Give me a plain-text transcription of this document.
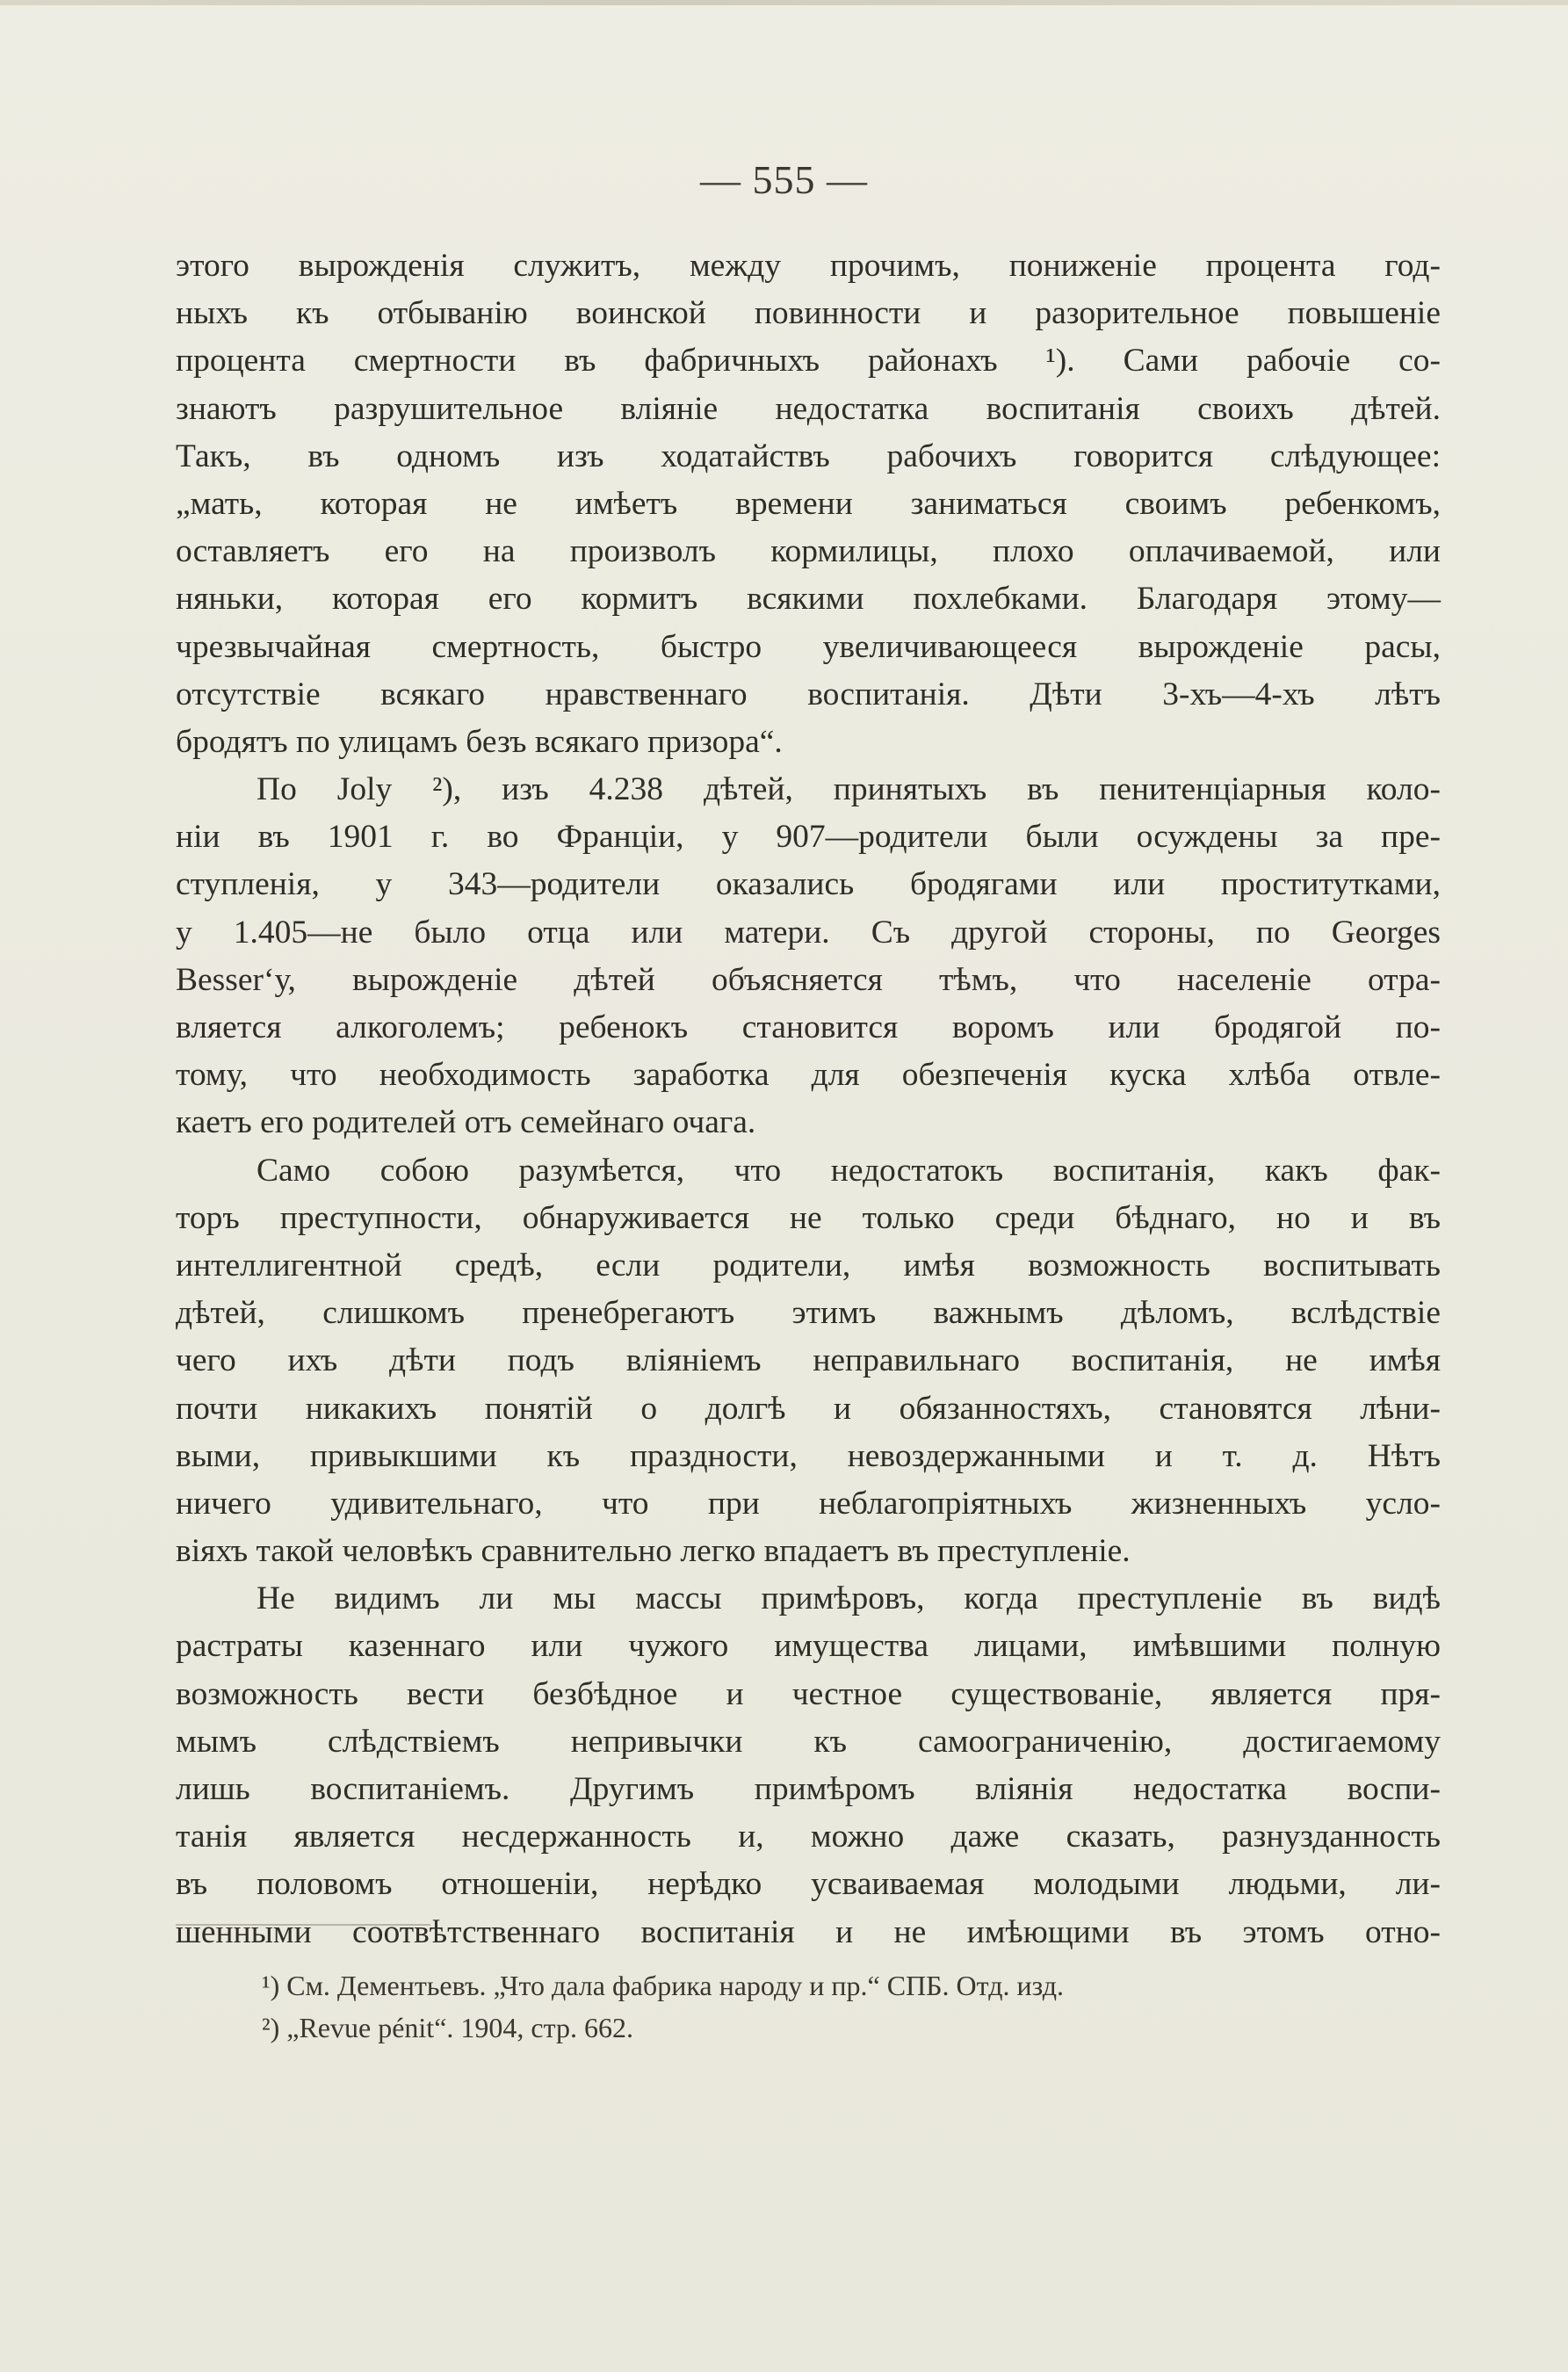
— 555 —
этого вырожденія служитъ, между прочимъ, пониженіе процента год-
ныхъ къ отбыванію воинской повинности и разорительное повышеніе
процента смертности въ фабричныхъ районахъ ¹). Сами рабочіе со-
знаютъ разрушительное вліяніе недостатка воспитанія своихъ дѣтей.
Такъ, въ одномъ изъ ходатайствъ рабочихъ говорится слѣдующее:
„мать, которая не имѣетъ времени заниматься своимъ ребенкомъ,
оставляетъ его на произволъ кормилицы, плохо оплачиваемой, или
няньки, которая его кормитъ всякими похлебками. Благодаря этому—
чрезвычайная смертность, быстро увеличивающееся вырожденіе расы,
отсутствіе всякаго нравственнаго воспитанія. Дѣти 3-хъ—4-хъ лѣтъ
бродятъ по улицамъ безъ всякаго призора“.
По Joly ²), изъ 4.238 дѣтей, принятыхъ въ пенитенціарныя коло-
ніи въ 1901 г. во Франціи, у 907—родители были осуждены за пре-
ступленія, у 343—родители оказались бродягами или проститутками,
у 1.405—не было отца или матери. Съ другой стороны, по Georges
Besser‘у, вырожденіе дѣтей объясняется тѣмъ, что населеніе отра-
вляется алкоголемъ; ребенокъ становится воромъ или бродягой по-
тому, что необходимость заработка для обезпеченія куска хлѣба отвле-
каетъ его родителей отъ семейнаго очага.
Само собою разумѣется, что недостатокъ воспитанія, какъ фак-
торъ преступности, обнаруживается не только среди бѣднаго, но и въ
интеллигентной средѣ, если родители, имѣя возможность воспитывать
дѣтей, слишкомъ пренебрегаютъ этимъ важнымъ дѣломъ, вслѣдствіе
чего ихъ дѣти подъ вліяніемъ неправильнаго воспитанія, не имѣя
почти никакихъ понятій о долгѣ и обязанностяхъ, становятся лѣни-
выми, привыкшими къ праздности, невоздержанными и т. д. Нѣтъ
ничего удивительнаго, что при неблагопріятныхъ жизненныхъ усло-
віяхъ такой человѣкъ сравнительно легко впадаетъ въ преступленіе.
Не видимъ ли мы массы примѣровъ, когда преступленіе въ видѣ
растраты казеннаго или чужого имущества лицами, имѣвшими полную
возможность вести безбѣдное и честное существованіе, является пря-
мымъ слѣдствіемъ непривычки къ самоограниченію, достигаемому
лишь воспитаніемъ. Другимъ примѣромъ вліянія недостатка воспи-
танія является несдержанность и, можно даже сказать, разнузданность
въ половомъ отношеніи, нерѣдко усваиваемая молодыми людьми, ли-
шенными соотвѣтственнаго воспитанія и не имѣющими въ этомъ отно-
¹) См. Дементьевъ. „Что дала фабрика народу и пр.“ СПБ. Отд. изд.
²) „Revue pénit“. 1904, стр. 662.
